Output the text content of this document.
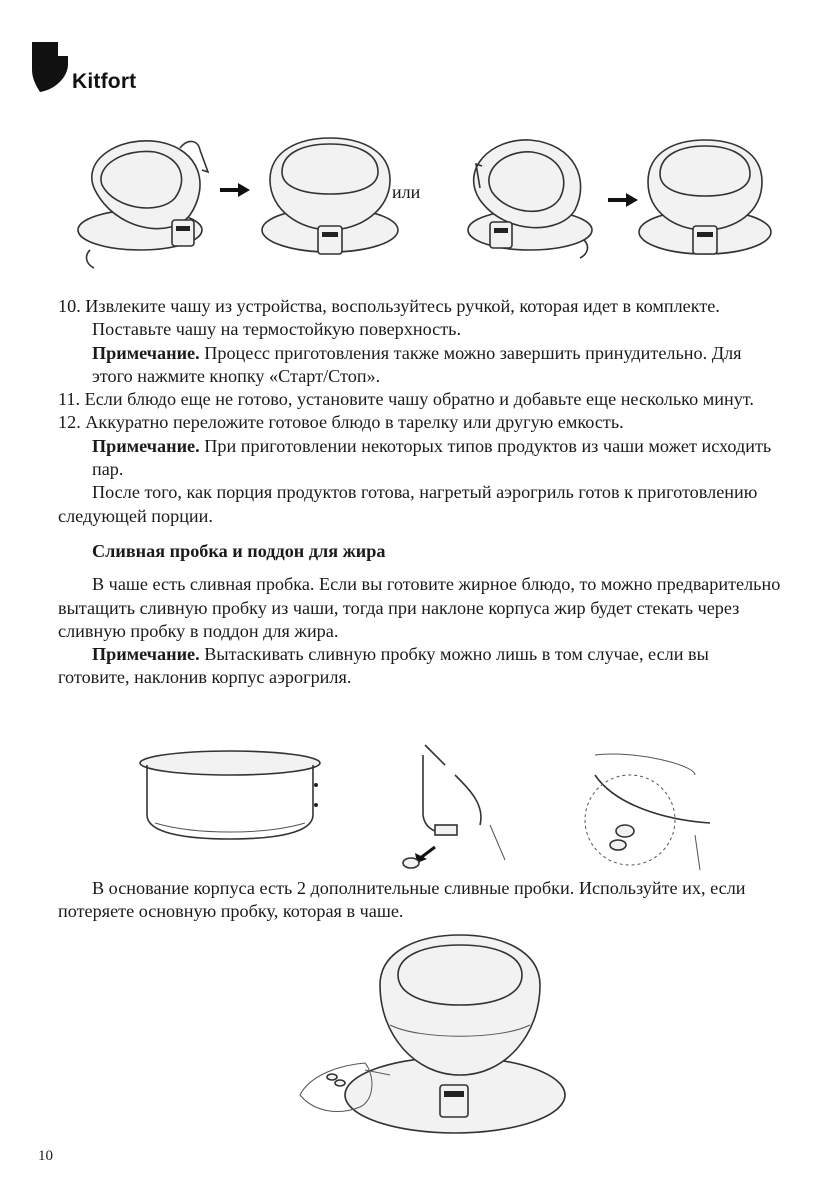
Kitfort
или

10. Извлеките чашу из устройства, воспользуйтесь ручкой, которая идет в комплекте. Поставьте чашу на термостойкую поверхность.

Примечание. Процесс приготовления также можно завершить принудительно. Для этого нажмите кнопку «Старт/Стоп».

11. Если блюдо еще не готово, установите чашу обратно и добавьте еще несколько минут.

12. Аккуратно переложите готовое блюдо в тарелку или другую емкость.

Примечание. При приготовлении некоторых типов продуктов из чаши может исходить пар.

После того, как порция продуктов готова, нагретый аэрогриль готов к приготовлению следующей порции.

Сливная пробка и поддон для жира

В чаше есть сливная пробка. Если вы готовите жирное блюдо, то можно предварительно вытащить сливную пробку из чаши, тогда при наклоне корпуса жир будет стекать через сливную пробку в поддон для жира.

Примечание. Вытаскивать сливную пробку можно лишь в том случае, если вы готовите, наклонив корпус аэрогриля.

В основание корпуса есть 2 дополнительные сливные пробки. Используйте их, если потеряете основную пробку, которая в чаше.

10
